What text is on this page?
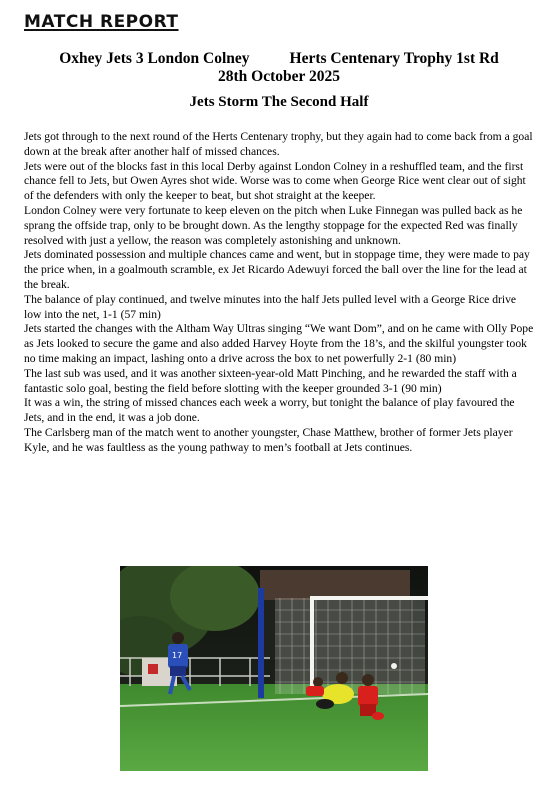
MATCH REPORT
Oxhey Jets 3 London Colney	Herts Centenary Trophy 1st Rd
28th October 2025
Jets Storm The Second Half

Jets got through to the next round of the Herts Centenary trophy, but they again had to come back from a goal down at the break after another half of missed chances.

Jets were out of the blocks fast in this local Derby against London Colney in a reshuffled team, and the first chance fell to Jets, but Owen Ayres shot wide. Worse was to come when George Rice went clear out of sight of the defenders with only the keeper to beat, but shot straight at the keeper.

London Colney were very fortunate to keep eleven on the pitch when Luke Finnegan was pulled back as he sprang the offside trap, only to be brought down. As the lengthy stoppage for the expected Red was finally resolved with just a yellow, the reason was completely astonishing and unknown.

Jets dominated possession and multiple chances came and went, but in stoppage time, they were made to pay the price when, in a goalmouth scramble, ex Jet Ricardo Adewuyi forced the ball over the line for the lead at the break.

The balance of play continued, and twelve minutes into the half Jets pulled level with a George Rice drive low into the net, 1-1 (57 min)

Jets started the changes with the Altham Way Ultras singing “We want Dom”, and on he came with Olly Pope as Jets looked to secure the game and also added Harvey Hoyte from the 18’s, and the skilful youngster took no time making an impact, lashing onto a drive across the box to net powerfully 2-1 (80 min)

The last sub was used, and it was another sixteen-year-old Matt Pinching, and he rewarded the staff with a fantastic solo goal, besting the field before slotting with the keeper grounded 3-1 (90 min)

It was a win, the string of missed chances each week a worry, but tonight the balance of play favoured the Jets, and in the end, it was a job done.

The Carlsberg man of the match went to another youngster, Chase Matthew, brother of former Jets player Kyle, and he was faultless as the young pathway to men’s football at Jets continues.

17
